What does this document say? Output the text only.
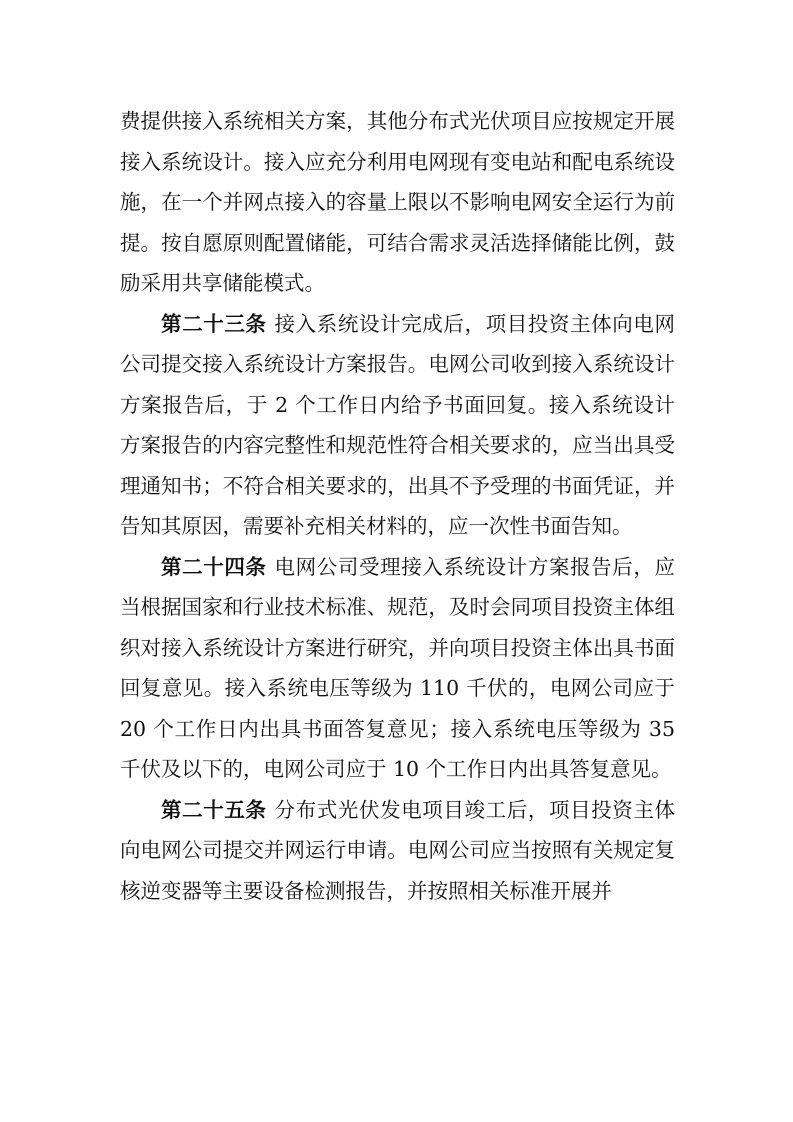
费提供接入系统相关方案，其他分布式光伏项目应按规定开展接入系统设计。接入应充分利用电网现有变电站和配电系统设施，在一个并网点接入的容量上限以不影响电网安全运行为前提。按自愿原则配置储能，可结合需求灵活选择储能比例，鼓励采用共享储能模式。

第二十三条 接入系统设计完成后，项目投资主体向电网公司提交接入系统设计方案报告。电网公司收到接入系统设计方案报告后，于 2 个工作日内给予书面回复。接入系统设计方案报告的内容完整性和规范性符合相关要求的，应当出具受理通知书；不符合相关要求的，出具不予受理的书面凭证，并告知其原因，需要补充相关材料的，应一次性书面告知。

第二十四条 电网公司受理接入系统设计方案报告后，应当根据国家和行业技术标准、规范，及时会同项目投资主体组织对接入系统设计方案进行研究，并向项目投资主体出具书面回复意见。接入系统电压等级为 110 千伏的，电网公司应于 20 个工作日内出具书面答复意见；接入系统电压等级为 35 千伏及以下的，电网公司应于 10 个工作日内出具答复意见。

第二十五条 分布式光伏发电项目竣工后，项目投资主体向电网公司提交并网运行申请。电网公司应当按照有关规定复核逆变器等主要设备检测报告，并按照相关标准开展并
